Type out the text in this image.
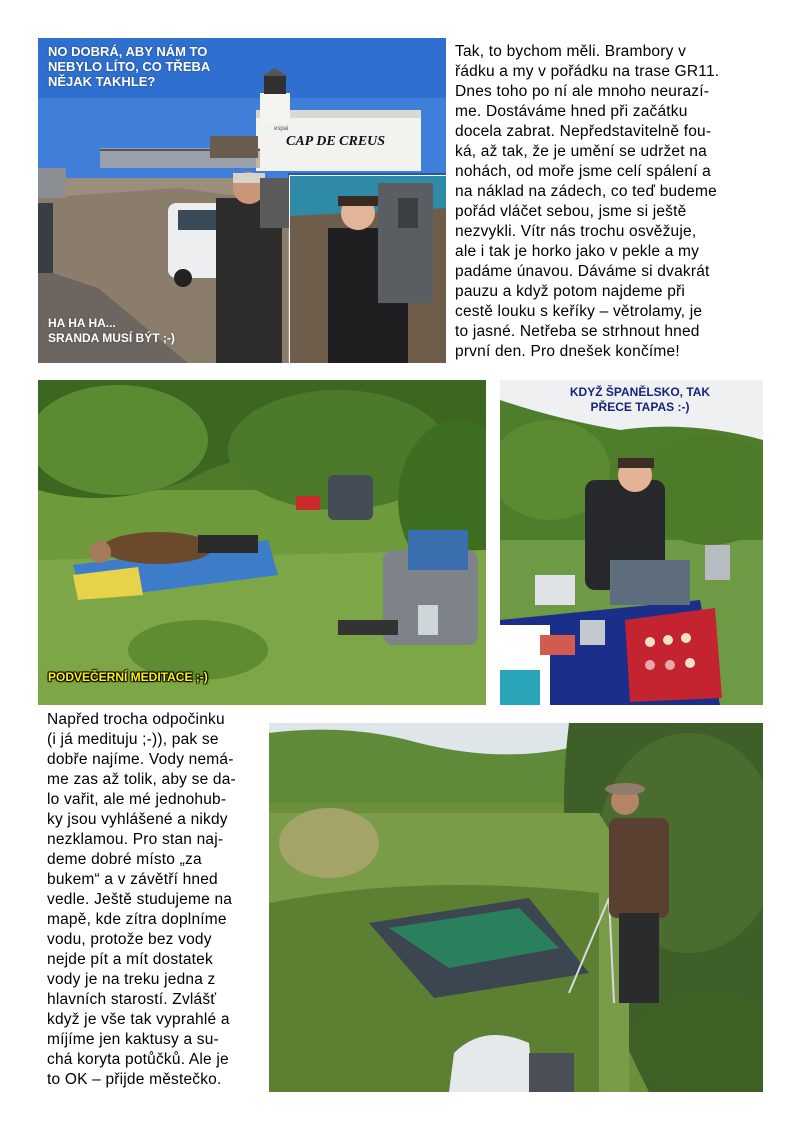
CAP DE CREUS
espai
NO DOBRÁ, ABY NÁM TO NEBYLO LÍTO, CO TŘEBA NĚJAK TAKHLE?
HA HA HA...
SRANDA MUSÍ BÝT ;-)

Tak, to bychom měli. Brambory v

řádku a my v pořádku na trase GR11.

Dnes toho po ní ale mnoho neurazí-

me. Dostáváme hned při začátku

docela zabrat. Nepředstavitelně fou-

ká, až tak, že je umění se udržet na

nohách, od moře jsme celí spálení a

na náklad na zádech, co teď budeme

pořád vláčet sebou, jsme si ještě

nezvykli. Vítr nás trochu osvěžuje,

ale i tak je horko jako v pekle a my

padáme únavou. Dáváme si dvakrát

pauzu a když potom najdeme při

cestě louku s keříky – větrolamy, je

to jasné. Netřeba se strhnout hned

první den. Pro dnešek končíme!

PODVEČERNÍ MEDITACE ;-)
KDYŽ ŠPANĚLSKO, TAK
PŘECE TAPAS :-)

Napřed trocha odpočinku

(i já medituju ;-)), pak se

dobře najíme. Vody nemá-

me zas až tolik, aby se da-

lo vařit, ale mé jednohub-

ky jsou vyhlášené a nikdy

nezklamou. Pro stan naj-

deme dobré místo „za

bukem“ a v závětří hned

vedle. Ještě studujeme na

mapě, kde zítra doplníme

vodu, protože bez vody

nejde pít a mít dostatek

vody je na treku jedna z

hlavních starostí. Zvlášť

když je vše tak vyprahlé a

míjíme jen kaktusy a su-

chá koryta potůčků. Ale je

to OK – přijde městečko.
